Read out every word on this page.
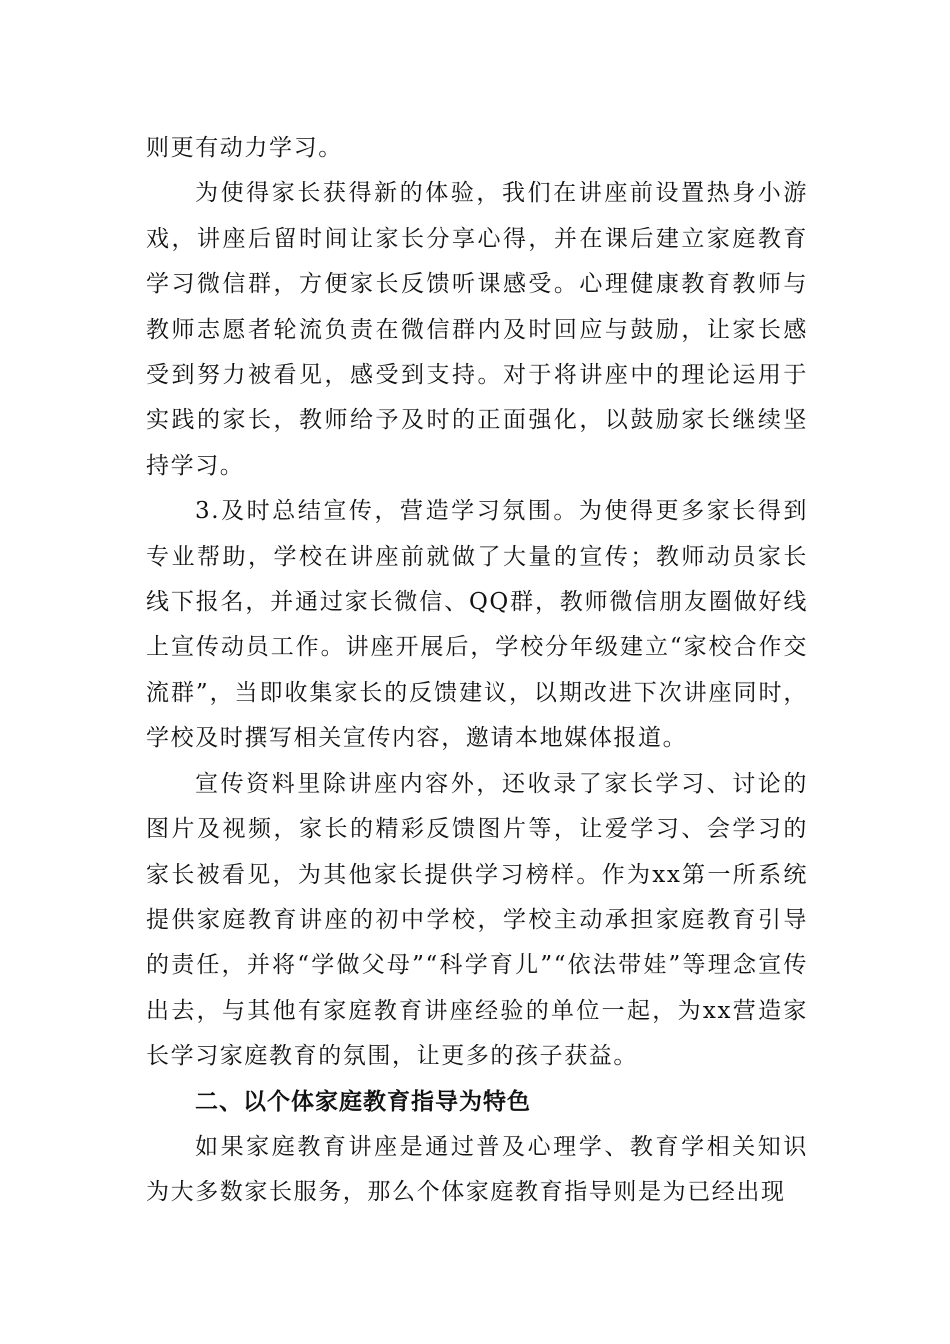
则更有动力学习。

为使得家长获得新的体验，我们在讲座前设置热身小游戏，讲座后留时间让家长分享心得，并在课后建立家庭教育学习微信群，方便家长反馈听课感受。心理健康教育教师与教师志愿者轮流负责在微信群内及时回应与鼓励，让家长感受到努力被看见，感受到支持。对于将讲座中的理论运用于实践的家长，教师给予及时的正面强化，以鼓励家长继续坚持学习。

3.及时总结宣传，营造学习氛围。为使得更多家长得到专业帮助，学校在讲座前就做了大量的宣传；教师动员家长线下报名，并通过家长微信、QQ群，教师微信朋友圈做好线上宣传动员工作。讲座开展后，学校分年级建立“家校合作交流群”，当即收集家长的反馈建议，以期改进下次讲座同时，学校及时撰写相关宣传内容，邀请本地媒体报道。

宣传资料里除讲座内容外，还收录了家长学习、讨论的图片及视频，家长的精彩反馈图片等，让爱学习、会学习的家长被看见，为其他家长提供学习榜样。作为xx第一所系统提供家庭教育讲座的初中学校，学校主动承担家庭教育引导的责任，并将“学做父母”“科学育儿”“依法带娃”等理念宣传出去，与其他有家庭教育讲座经验的单位一起，为xx营造家长学习家庭教育的氛围，让更多的孩子获益。

二、以个体家庭教育指导为特色

如果家庭教育讲座是通过普及心理学、教育学相关知识为大多数家长服务，那么个体家庭教育指导则是为已经出现
